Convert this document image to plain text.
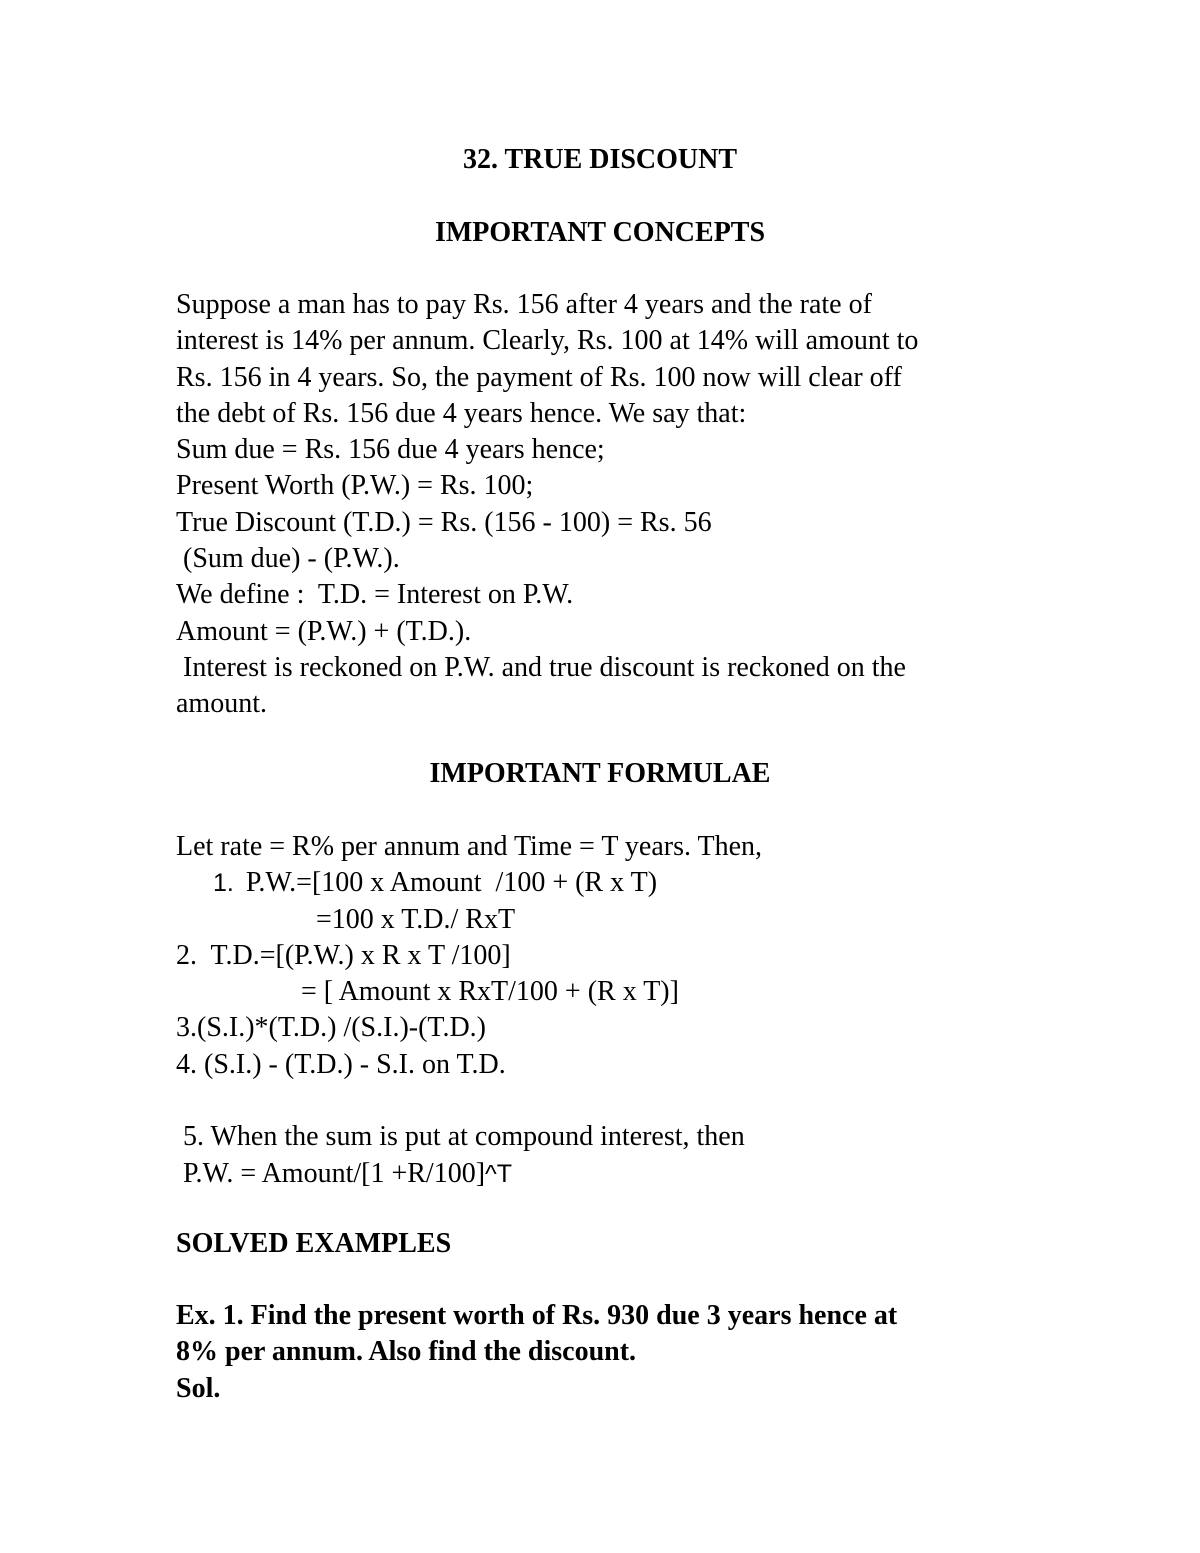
32. TRUE DISCOUNT
IMPORTANT CONCEPTS
Suppose a man has to pay Rs. 156 after 4 years and the rate of
interest is 14% per annum. Clearly, Rs. 100 at 14% will amount to
Rs. 156 in 4 years. So, the payment of Rs. 100 now will clear off
the debt of Rs. 156 due 4 years hence. We say that:
Sum due = Rs. 156 due 4 years hence;
Present Worth (P.W.) = Rs. 100;
True Discount (T.D.) = Rs. (156 - 100) = Rs. 56
(Sum due) - (P.W.).
We define :  T.D. = Interest on P.W.
Amount = (P.W.) + (T.D.).
Interest is reckoned on P.W. and true discount is reckoned on the
amount.
IMPORTANT FORMULAE
Let rate = R% per annum and Time = T years. Then,
1. P.W.=[100 x Amount  /100 + (R x T)
=100 x T.D./ RxT
2.  T.D.=[(P.W.) x R x T /100]
= [ Amount x RxT/100 + (R x T)]
3.(S.I.)*(T.D.) /(S.I.)-(T.D.)
4. (S.I.) - (T.D.) - S.I. on T.D.
5. When the sum is put at compound interest, then
P.W. = Amount/[1 +R/100]^T
SOLVED EXAMPLES
Ex. 1. Find the present worth of Rs. 930 due 3 years hence at
8% per annum. Also find the discount.
Sol.
